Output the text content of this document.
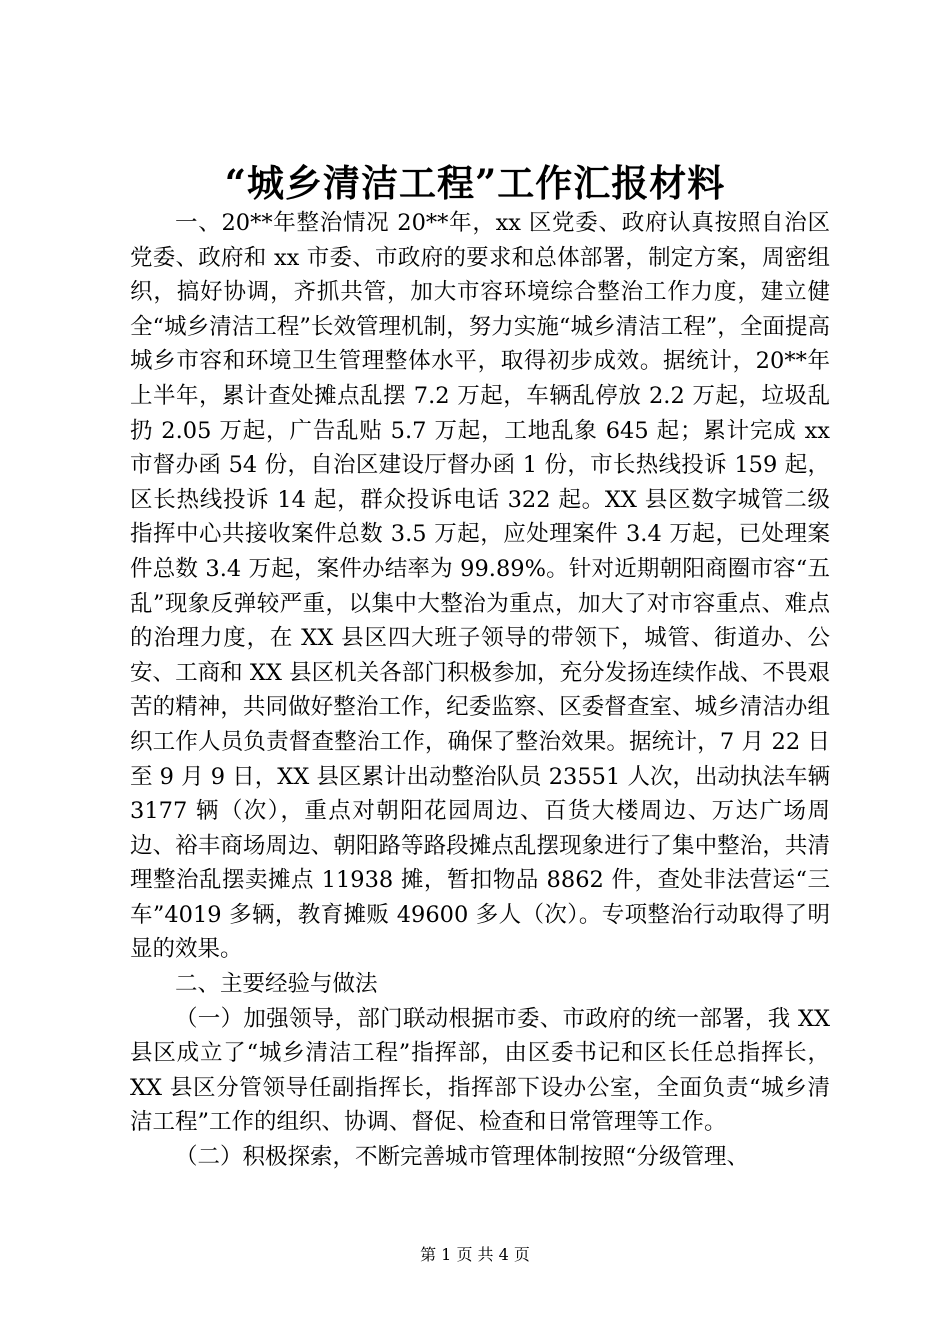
“城乡清洁工程”工作汇报材料

一、20**年整治情况 20**年，xx 区党委、政府认真按照自治区党委、政府和 xx 市委、市政府的要求和总体部署，制定方案，周密组织，搞好协调，齐抓共管，加大市容环境综合整治工作力度，建立健全“城乡清洁工程”长效管理机制，努力实施“城乡清洁工程”，全面提高城乡市容和环境卫生管理整体水平，取得初步成效。据统计，20**年上半年，累计查处摊点乱摆 7.2 万起，车辆乱停放 2.2 万起，垃圾乱扔 2.05 万起，广告乱贴 5.7 万起，工地乱象 645 起；累计完成 xx 市督办函 54 份，自治区建设厅督办函 1 份，市长热线投诉 159 起，区长热线投诉 14 起，群众投诉电话 322 起。XX 县区数字城管二级指挥中心共接收案件总数 3.5 万起，应处理案件 3.4 万起，已处理案件总数 3.4 万起，案件办结率为 99.89%。针对近期朝阳商圈市容“五乱”现象反弹较严重，以集中大整治为重点，加大了对市容重点、难点的治理力度，在 XX 县区四大班子领导的带领下，城管、街道办、公安、工商和 XX 县区机关各部门积极参加，充分发扬连续作战、不畏艰苦的精神，共同做好整治工作，纪委监察、区委督查室、城乡清洁办组织工作人员负责督查整治工作，确保了整治效果。据统计，7 月 22 日至 9 月 9 日，XX 县区累计出动整治队员 23551 人次，出动执法车辆 3177 辆（次），重点对朝阳花园周边、百货大楼周边、万达广场周边、裕丰商场周边、朝阳路等路段摊点乱摆现象进行了集中整治，共清理整治乱摆卖摊点 11938 摊，暂扣物品 8862 件，查处非法营运“三车”4019 多辆，教育摊贩 49600 多人（次）。专项整治行动取得了明显的效果。

二、主要经验与做法

（一）加强领导，部门联动根据市委、市政府的统一部署，我 XX 县区成立了“城乡清洁工程”指挥部，由区委书记和区长任总指挥长，XX 县区分管领导任副指挥长，指挥部下设办公室，全面负责“城乡清洁工程”工作的组织、协调、督促、检查和日常管理等工作。

（二）积极探索，不断完善城市管理体制按照“分级管理、

第 1 页 共 4 页
